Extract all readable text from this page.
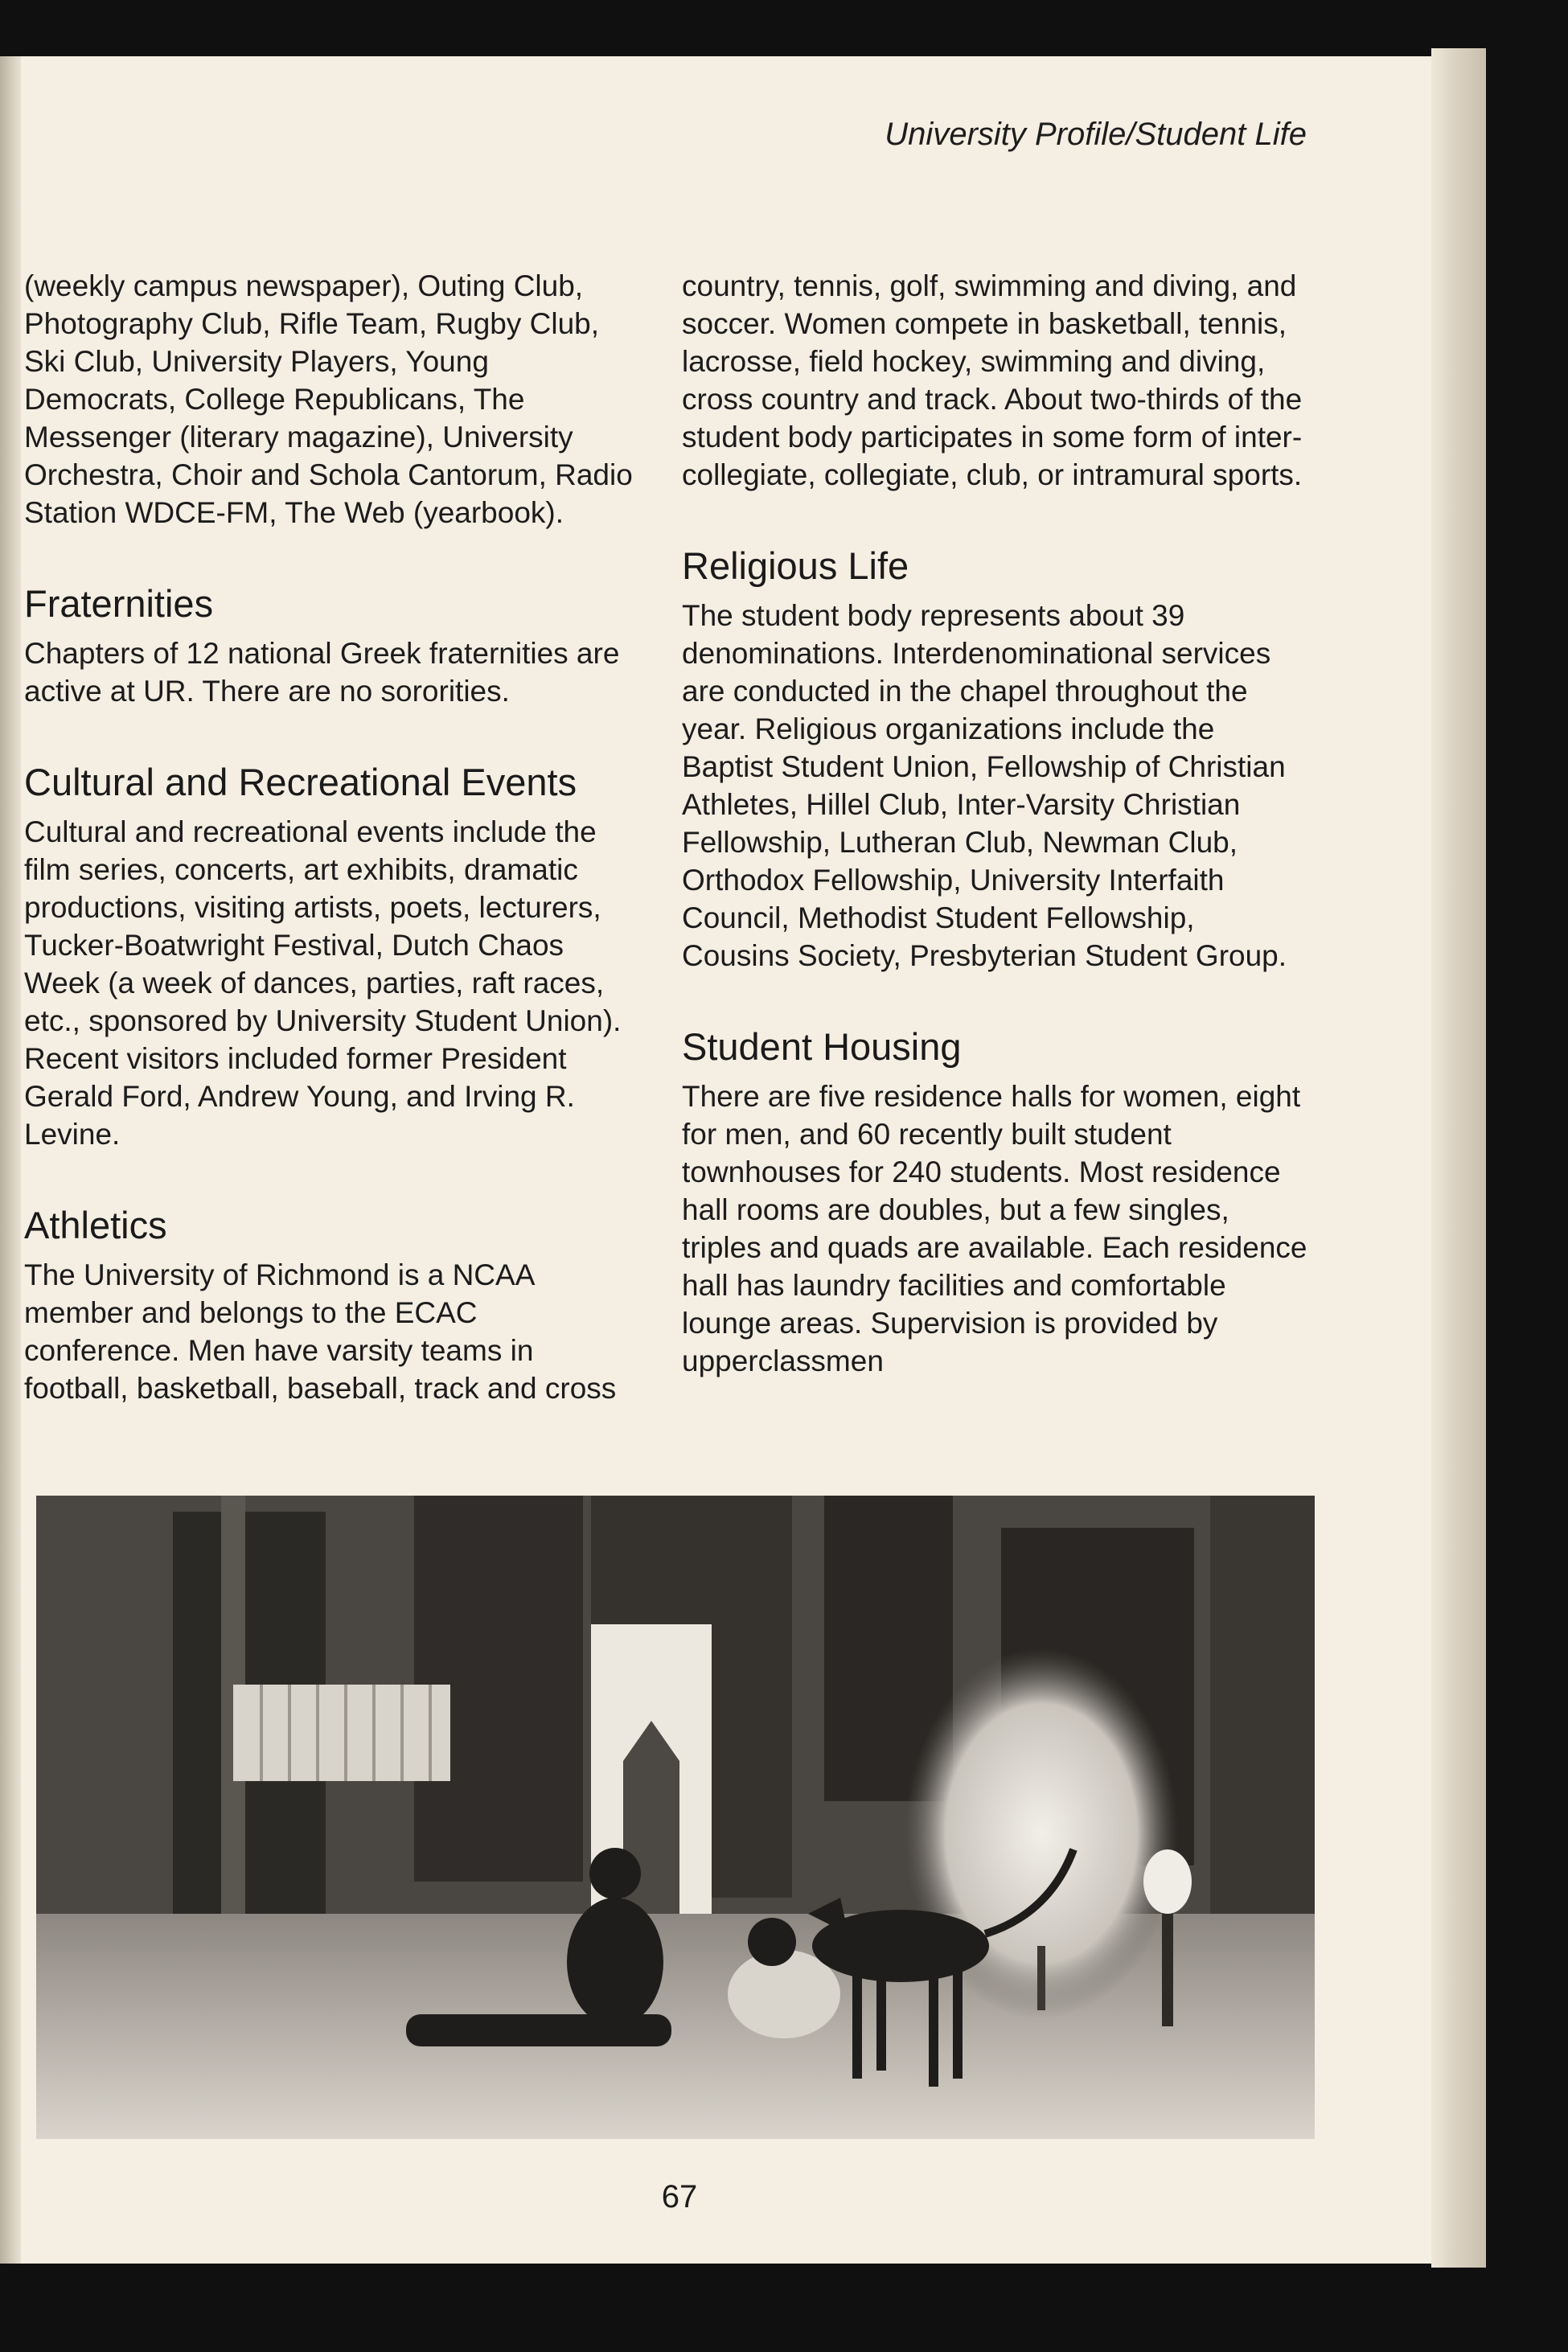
University Profile/Student Life

(weekly campus newspaper), Outing Club, Photography Club, Rifle Team, Rugby Club, Ski Club, University Players, Young Democrats, College Republicans, The Messenger (literary magazine), University Orchestra, Choir and Schola Cantorum, Radio Station WDCE-FM, The Web (yearbook).

Fraternities

Chapters of 12 national Greek fraternities are active at UR. There are no sororities.

Cultural and Recreational Events

Cultural and recreational events include the film series, concerts, art exhibits, dramatic productions, visiting artists, poets, lecturers, Tucker-Boatwright Festival, Dutch Chaos Week (a week of dances, parties, raft races, etc., sponsored by University Student Union). Recent visitors included former President Gerald Ford, Andrew Young, and Irving R. Levine.

Athletics

The University of Richmond is a NCAA member and belongs to the ECAC conference. Men have varsity teams in football, basketball, baseball, track and cross

country, tennis, golf, swimming and diving, and soccer. Women compete in basketball, tennis, lacrosse, field hockey, swimming and diving, cross country and track. About two-thirds of the student body participates in some form of inter-collegiate, collegiate, club, or intramural sports.

Religious Life

The student body represents about 39 denominations. Interdenominational services are conducted in the chapel throughout the year. Religious organizations include the Baptist Student Union, Fellowship of Christian Athletes, Hillel Club, Inter-Varsity Christian Fellowship, Lutheran Club, Newman Club, Orthodox Fellowship, University Interfaith Council, Methodist Student Fellowship, Cousins Society, Presbyterian Student Group.

Student Housing

There are five residence halls for women, eight for men, and 60 recently built student townhouses for 240 students. Most residence hall rooms are doubles, but a few singles, triples and quads are available. Each residence hall has laundry facilities and comfortable lounge areas. Supervision is provided by upperclassmen

67
